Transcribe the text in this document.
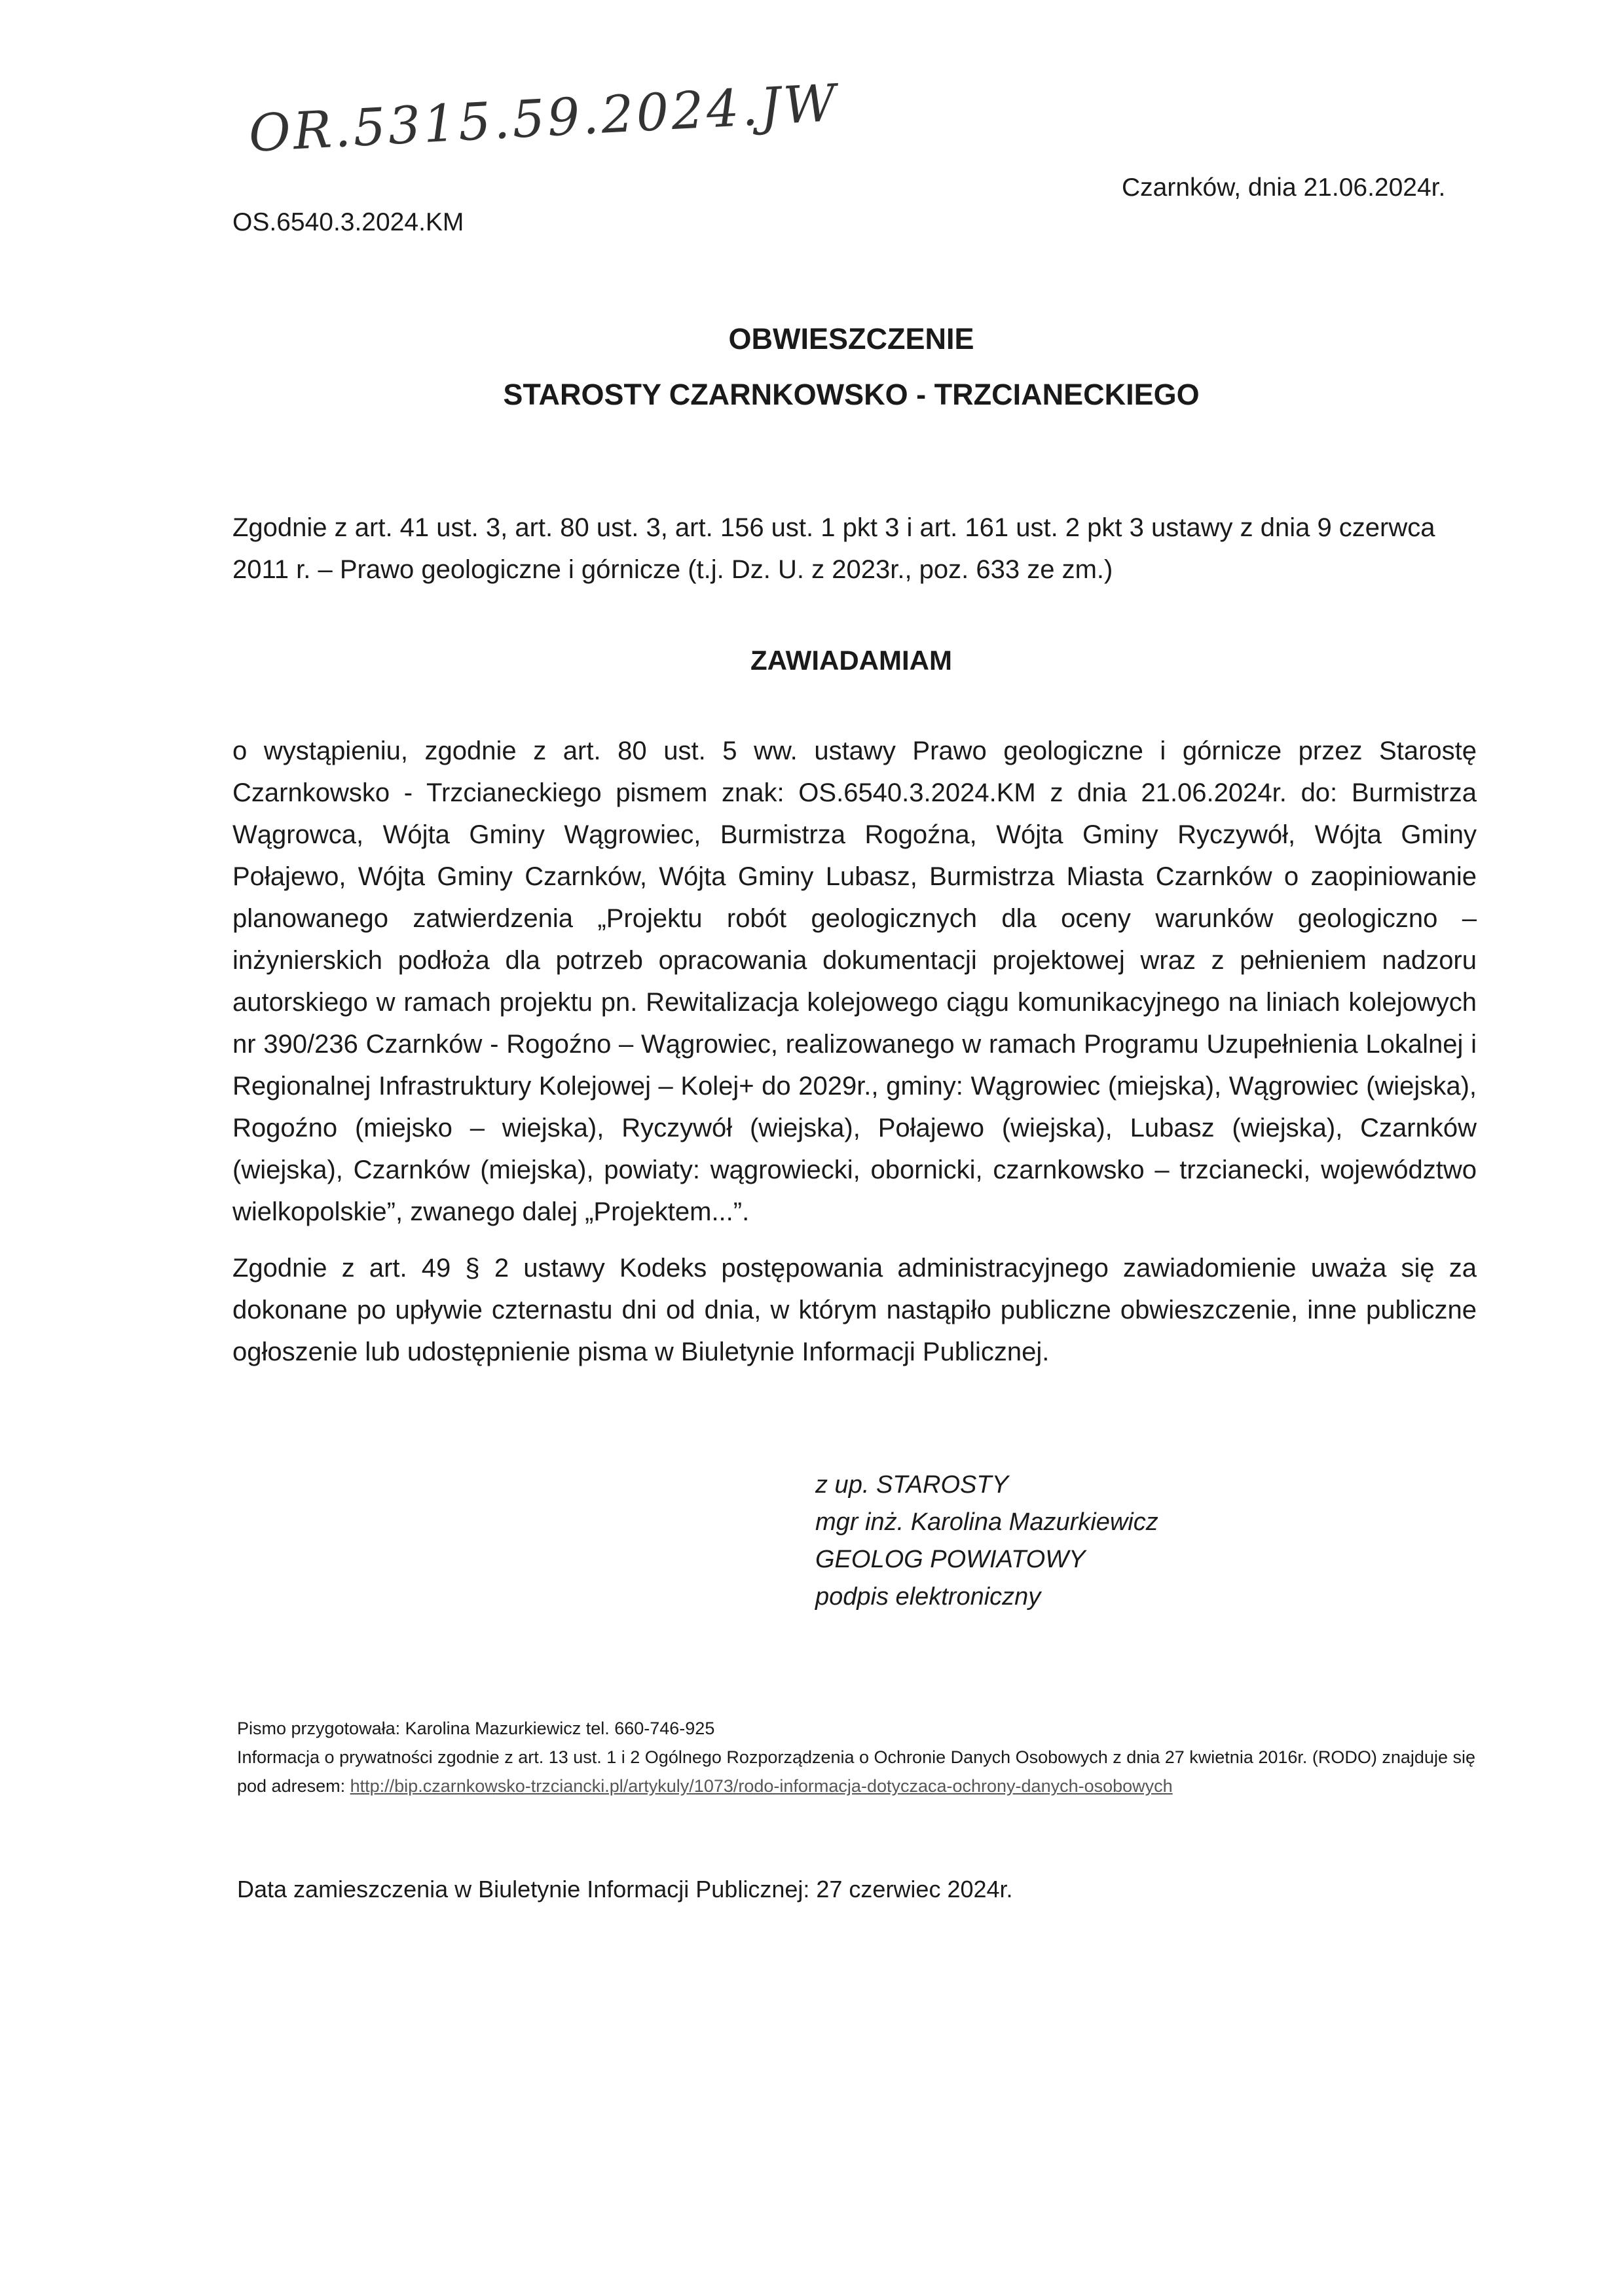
OR.5315.59.2024.JW
OS.6540.3.2024.KM
Czarnków, dnia 21.06.2024r.
OBWIESZCZENIE
STAROSTY CZARNKOWSKO - TRZCIANECKIEGO
Zgodnie z art. 41 ust. 3, art. 80 ust. 3, art. 156 ust. 1 pkt 3 i art. 161 ust. 2 pkt 3 ustawy z dnia 9 czerwca 2011 r. – Prawo geologiczne i górnicze (t.j. Dz. U. z 2023r., poz. 633 ze zm.)
ZAWIADAMIAM
o wystąpieniu, zgodnie z art. 80 ust. 5 ww. ustawy Prawo geologiczne i górnicze przez Starostę Czarnkowsko - Trzcianeckiego pismem znak: OS.6540.3.2024.KM z dnia 21.06.2024r. do: Burmistrza Wągrowca, Wójta Gminy Wągrowiec, Burmistrza Rogoźna, Wójta Gminy Ryczywół, Wójta Gminy Połajewo, Wójta Gminy Czarnków, Wójta Gminy Lubasz, Burmistrza Miasta Czarnków o zaopiniowanie planowanego zatwierdzenia „Projektu robót geologicznych dla oceny warunków geologiczno – inżynierskich podłoża dla potrzeb opracowania dokumentacji projektowej wraz z pełnieniem nadzoru autorskiego w ramach projektu pn. Rewitalizacja kolejowego ciągu komunikacyjnego na liniach kolejowych nr 390/236 Czarnków - Rogoźno – Wągrowiec, realizowanego w ramach Programu Uzupełnienia Lokalnej i Regionalnej Infrastruktury Kolejowej – Kolej+ do 2029r., gminy: Wągrowiec (miejska), Wągrowiec (wiejska), Rogoźno (miejsko – wiejska), Ryczywół (wiejska), Połajewo (wiejska), Lubasz (wiejska), Czarnków (wiejska), Czarnków (miejska), powiaty: wągrowiecki, obornicki, czarnkowsko – trzcianecki, województwo wielkopolskie”, zwanego dalej „Projektem...”.
Zgodnie z art. 49 § 2 ustawy Kodeks postępowania administracyjnego zawiadomienie uważa się za dokonane po upływie czternastu dni od dnia, w którym nastąpiło publiczne obwieszczenie, inne publiczne ogłoszenie lub udostępnienie pisma w Biuletynie Informacji Publicznej.
z up. STAROSTY
mgr inż. Karolina Mazurkiewicz
GEOLOG POWIATOWY
podpis elektroniczny
Pismo przygotowała: Karolina Mazurkiewicz tel. 660-746-925
Informacja o prywatności zgodnie z art. 13 ust. 1 i 2 Ogólnego Rozporządzenia o Ochronie Danych Osobowych z dnia 27 kwietnia 2016r. (RODO) znajduje się pod adresem: http://bip.czarnkowsko-trzciancki.pl/artykuly/1073/rodo-informacja-dotyczaca-ochrony-danych-osobowych
Data zamieszczenia w Biuletynie Informacji Publicznej: 27 czerwiec 2024r.
